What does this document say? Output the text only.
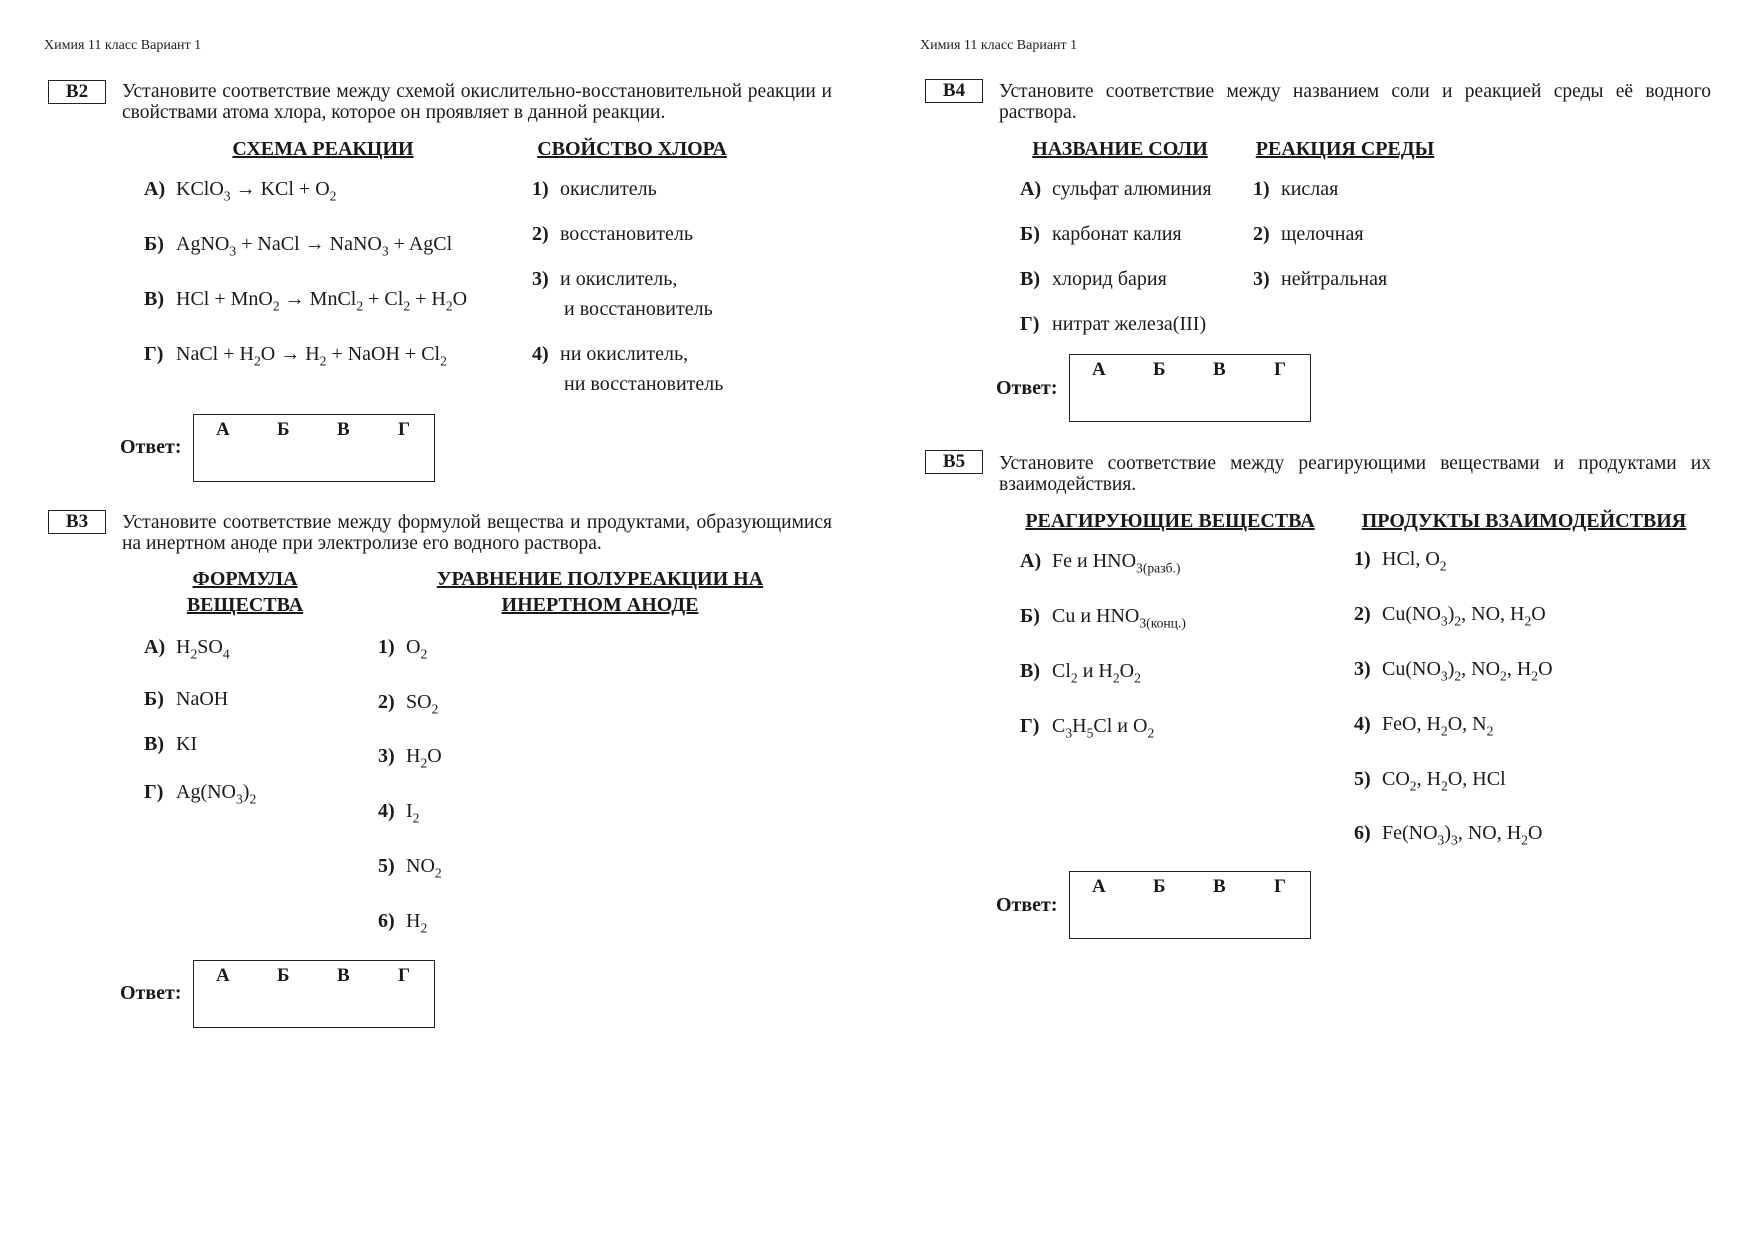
Химия 11 класс Вариант 1
B2	Установите соответствие между схемой окислительно-восстановительной реакции и свойствами атома хлора, которое он проявляет в данной реакции.
СХЕМА РЕАКЦИИ	СВОЙСТВО ХЛОРА
А) KClO$_3$ → KCl + $O_2$
Б) AgNO$_3$ + NaCl → NaNO$_3$ + AgCl
В) HCl + MnO$_2$ → MnCl$_2$ + $Cl_2 + H_2O$
Г) NaCl + $H_2O \to H_2$ + NaOH + $Cl_2$
1) окислитель
2) восстановитель
3) и окислитель,
и восстановитель
4) ни окислитель,
ни восстановитель
Ответ:
А Б В	Г
B3	Установите соответствие между формулой вещества и продуктами, образующимися на инертном аноде при электролизе его водного раствора.
ФОРМУЛА
ВЕЩЕСТВА
УРАВНЕНИЕ ПОЛУРЕАКЦИИ НА
ИНЕРТНОМ АНОДЕ
А) $H_2SO_4$
Б) NaOH
В) KI
Г) $Ag(NO_3)_2$
1) $O_2$
2) $SO_2$
3) $H_2O$
4) $I_2$
5) $NO_2$
6) $H_2$
Ответ:
А Б В	Г
Химия 11 класс Вариант 1
B4	Установите соответствие между названием соли и реакцией среды её водного раствора.
НАЗВАНИЕ СОЛИ	РЕАКЦИЯ СРЕДЫ
А) сульфат алюминия
Б) карбонат калия
В) хлорид бария
Г) нитрат железа(III)
1) кислая
2) щелочная
3) нейтральная
Ответ:
А Б В	Г
B5	Установите соответствие между реагирующими веществами и продуктами их взаимодействия.
РЕАГИРУЮЩИЕ ВЕЩЕСТВА	ПРОДУКТЫ ВЗАИМОДЕЙСТВИЯ
А) Fe и $HNO_{3(разб.)}$
Б) Cu и $HNO_{3(конц.)}$
В) $Cl_2$ и $H_2O_2$
Г) $C_3H_5Cl$ и $O_2$
1) HCl, $O_2$
2) $Cu(NO_3)_2$, NO, $H_2O$
3) $Cu(NO_3)_2$, $NO_2$, $H_2O$
4) FeO, $H_2O$, $N_2$
5) $CO_2$, $H_2O$, HCl
6) $Fe(NO_3)_3$, NO, $H_2O$
Ответ:
А Б В	Г
